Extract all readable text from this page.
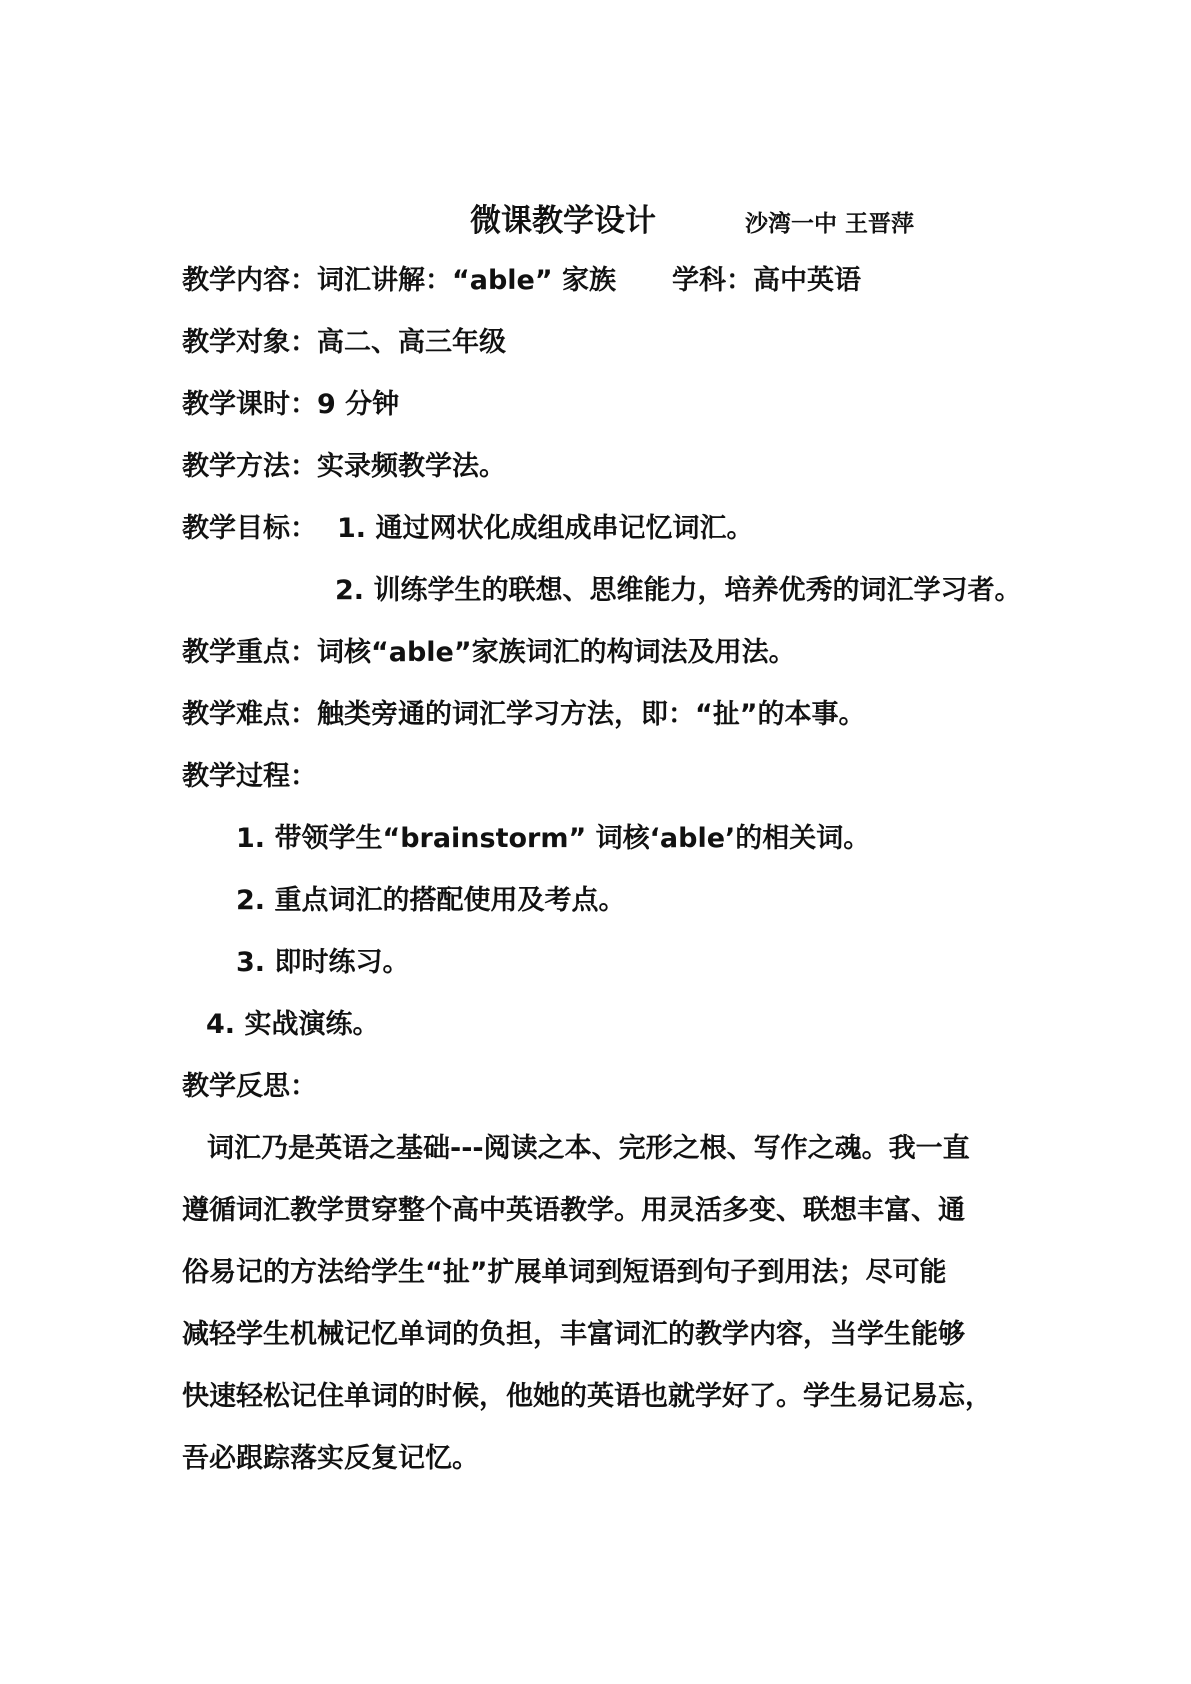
微课教学设计	沙湾一中 王晋萍
教学内容：词汇讲解：“able” 家族 学科：高中英语
教学对象：高二、高三年级
教学课时：9 分钟
教学方法：实录频教学法。
教学目标： 1. 通过网状化成组成串记忆词汇。
2. 训练学生的联想、思维能力，培养优秀的词汇学习者。
教学重点：词核“able”家族词汇的构词法及用法。
教学难点：触类旁通的词汇学习方法，即：“扯”的本事。
教学过程：
1. 带领学生“brainstorm” 词核‘able’的相关词。
2. 重点词汇的搭配使用及考点。
3. 即时练习。
4. 实战演练。
教学反思：
词汇乃是英语之基础---阅读之本、完形之根、写作之魂。我一直
遵循词汇教学贯穿整个高中英语教学。用灵活多变、联想丰富、通
俗易记的方法给学生“扯”扩展单词到短语到句子到用法；尽可能
减轻学生机械记忆单词的负担，丰富词汇的教学内容，当学生能够
快速轻松记住单词的时候，他她的英语也就学好了。学生易记易忘，
吾必跟踪落实反复记忆。
